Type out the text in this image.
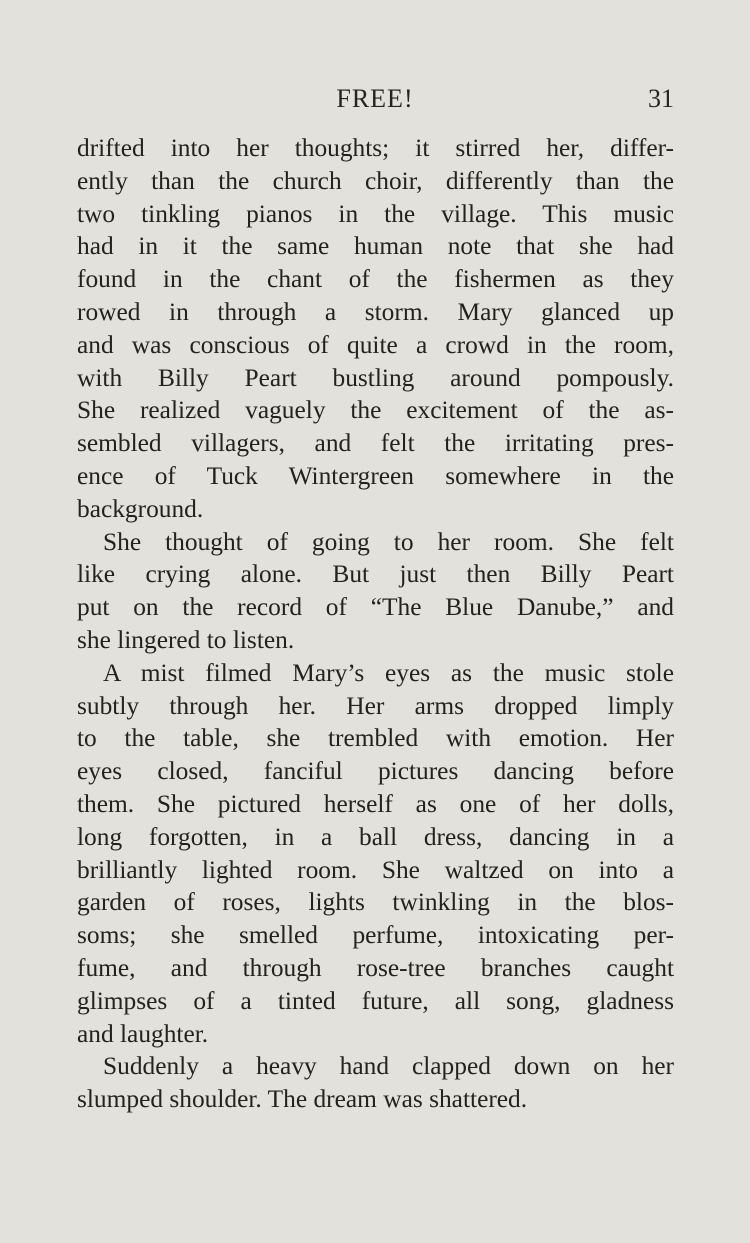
FREE!	31
drifted into her thoughts; it stirred her, differ-
ently than the church choir, differently than the
two tinkling pianos in the village. This music
had in it the same human note that she had
found in the chant of the fishermen as they
rowed in through a storm. Mary glanced up
and was conscious of quite a crowd in the room,
with Billy Peart bustling around pompously.
She realized vaguely the excitement of the as-
sembled villagers, and felt the irritating pres-
ence of Tuck Wintergreen somewhere in the
background.
She thought of going to her room. She felt
like crying alone. But just then Billy Peart
put on the record of “The Blue Danube,” and
she lingered to listen.
A mist filmed Mary’s eyes as the music stole
subtly through her. Her arms dropped limply
to the table, she trembled with emotion. Her
eyes closed, fanciful pictures dancing before
them. She pictured herself as one of her dolls,
long forgotten, in a ball dress, dancing in a
brilliantly lighted room. She waltzed on into a
garden of roses, lights twinkling in the blos-
soms; she smelled perfume, intoxicating per-
fume, and through rose-tree branches caught
glimpses of a tinted future, all song, gladness
and laughter.
Suddenly a heavy hand clapped down on her
slumped shoulder. The dream was shattered.
